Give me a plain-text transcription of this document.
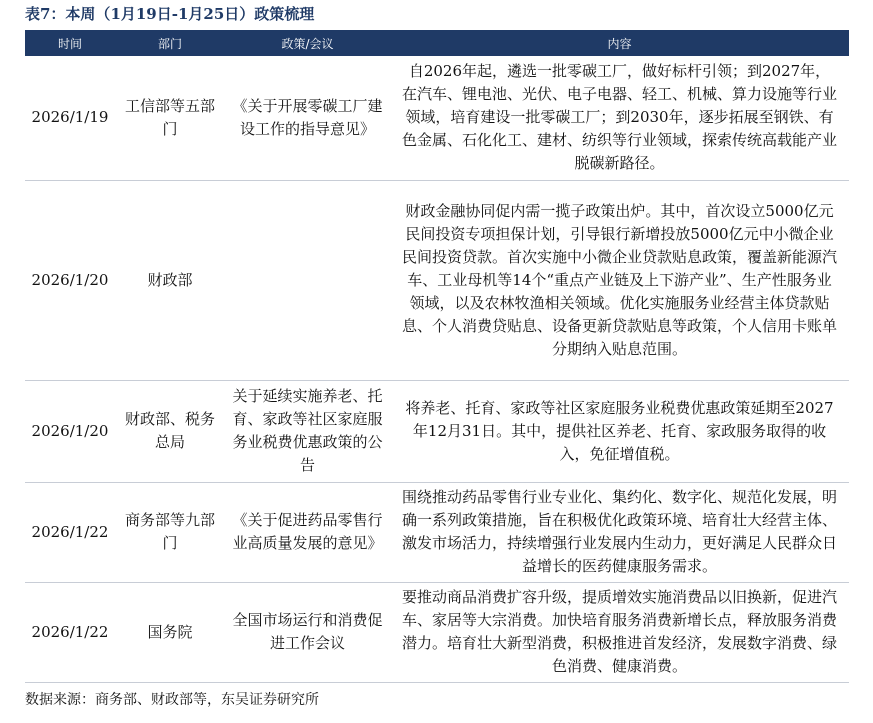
表7：本周（1月19日-1月25日）政策梳理
时间	部门	政策/会议	内容
2026/1/19	工信部等五部门	《关于开展零碳工厂建设工作的指导意见》	自2026年起，遴选一批零碳工厂，做好标杆引领；到2027年，在汽车、锂电池、光伏、电子电器、轻工、机械、算力设施等行业领域，培育建设一批零碳工厂；到2030年，逐步拓展至钢铁、有色金属、石化化工、建材、纺织等行业领域，探索传统高载能产业脱碳新路径。
2026/1/20	财政部		财政金融协同促内需一揽子政策出炉。其中，首次设立5000亿元民间投资专项担保计划，引导银行新增投放5000亿元中小微企业民间投资贷款。首次实施中小微企业贷款贴息政策，覆盖新能源汽车、工业母机等14个“重点产业链及上下游产业”、生产性服务业领域，以及农林牧渔相关领域。优化实施服务业经营主体贷款贴息、个人消费贷贴息、设备更新贷款贴息等政策，个人信用卡账单分期纳入贴息范围。
2026/1/20	财政部、税务总局	关于延续实施养老、托育、家政等社区家庭服务业税费优惠政策的公告	将养老、托育、家政等社区家庭服务业税费优惠政策延期至2027年12月31日。其中，提供社区养老、托育、家政服务取得的收入，免征增值税。
2026/1/22	商务部等九部门	《关于促进药品零售行业高质量发展的意见》	围绕推动药品零售行业专业化、集约化、数字化、规范化发展，明确一系列政策措施，旨在积极优化政策环境、培育壮大经营主体、激发市场活力，持续增强行业发展内生动力，更好满足人民群众日益增长的医药健康服务需求。
2026/1/22	国务院	全国市场运行和消费促进工作会议	要推动商品消费扩容升级，提质增效实施消费品以旧换新，促进汽车、家居等大宗消费。加快培育服务消费新增长点，释放服务消费潜力。培育壮大新型消费，积极推进首发经济，发展数字消费、绿色消费、健康消费。
数据来源：商务部、财政部等，东吴证券研究所
